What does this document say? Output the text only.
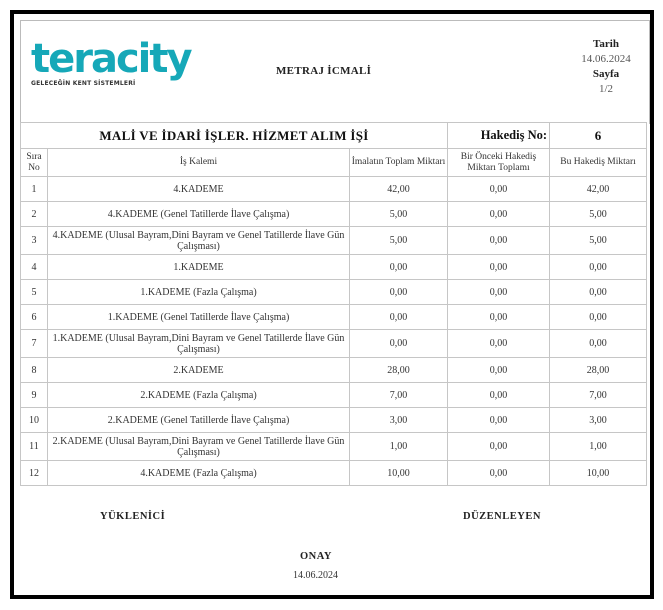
teracity
GELECEĞİN KENT SİSTEMLERİ
METRAJ İCMALİ
Tarih
14.06.2024
Sayfa
1/2
MALİ VE İDARİ İŞLER. HİZMET ALIM İŞİ			Hakediş No:	6
Sıra No	İş Kalemi	İmalatın Toplam Miktarı	Bir Önceki Hakediş Miktarı Toplamı	Bu Hakediş Miktarı
1	4.KADEME	42,00	0,00	42,00
2	4.KADEME (Genel Tatillerde İlave Çalışma)	5,00	0,00	5,00
3	4.KADEME (Ulusal Bayram,Dini Bayram ve Genel Tatillerde İlave Gün Çalışması)	5,00	0,00	5,00
4	1.KADEME	0,00	0,00	0,00
5	1.KADEME (Fazla Çalışma)	0,00	0,00	0,00
6	1.KADEME (Genel Tatillerde İlave Çalışma)	0,00	0,00	0,00
7	1.KADEME (Ulusal Bayram,Dini Bayram ve Genel Tatillerde İlave Gün Çalışması)	0,00	0,00	0,00
8	2.KADEME	28,00	0,00	28,00
9	2.KADEME (Fazla Çalışma)	7,00	0,00	7,00
10	2.KADEME (Genel Tatillerde İlave Çalışma)	3,00	0,00	3,00
11	2.KADEME (Ulusal Bayram,Dini Bayram ve Genel Tatillerde İlave Gün Çalışması)	1,00	0,00	1,00
12	4.KADEME (Fazla Çalışma)	10,00	0,00	10,00
YÜKLENİCİ	DÜZENLEYEN
ONAY
14.06.2024
